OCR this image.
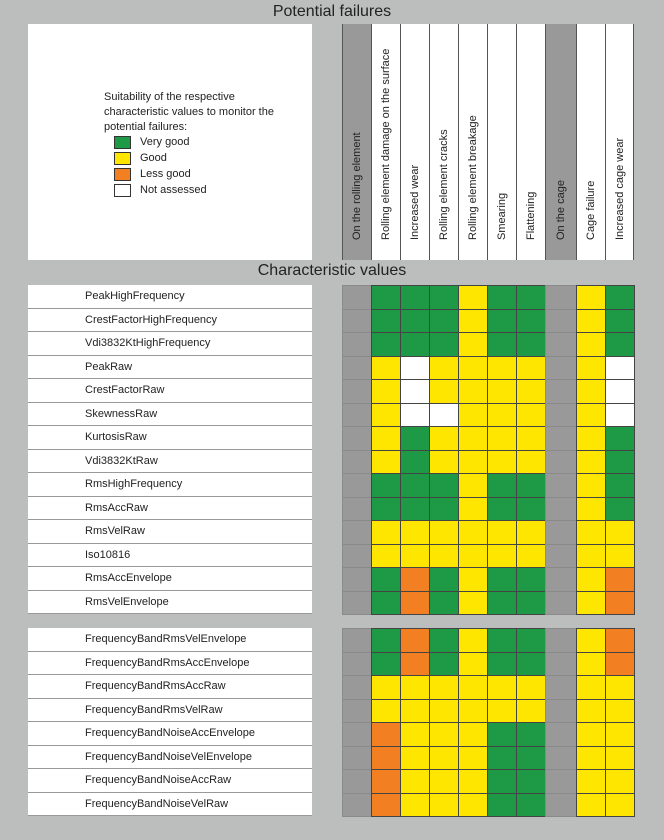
Potential failures
Characteristic values
Suitability of the respective characteristic values to monitor the potential failures:
Very good
Good
Less good
Not assessed	On the rolling element Rolling element damage on the surface Increased wear Rolling element cracks Rolling element breakage Smearing Flattening On the cage Cage failure Increased cage wear
PeakHighFrequency
CrestFactorHighFrequency
Vdi3832KtHighFrequency
PeakRaw
CrestFactorRaw
SkewnessRaw
KurtosisRaw
Vdi3832KtRaw
RmsHighFrequency
RmsAccRaw
RmsVelRaw
Iso10816
RmsAccEnvelope
RmsVelEnvelope
FrequencyBandRmsVelEnvelope
FrequencyBandRmsAccEnvelope
FrequencyBandRmsAccRaw
FrequencyBandRmsVelRaw
FrequencyBandNoiseAccEnvelope
FrequencyBandNoiseVelEnvelope
FrequencyBandNoiseAccRaw
FrequencyBandNoiseVelRaw
